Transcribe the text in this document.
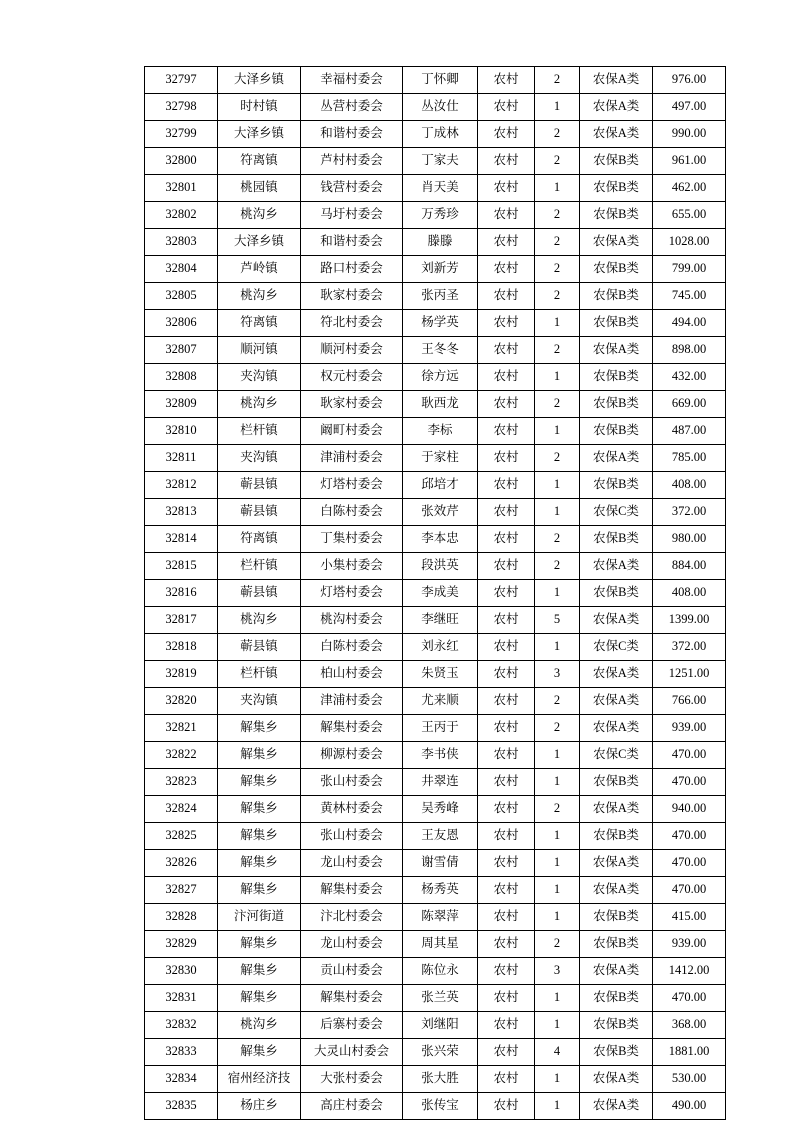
32797	大泽乡镇	幸福村委会	丁怀卿	农村	2	农保A类	976.00
32798	时村镇	丛营村委会	丛汝仕	农村	1	农保A类	497.00
32799	大泽乡镇	和谐村委会	丁成林	农村	2	农保A类	990.00
32800	符离镇	芦村村委会	丁家夫	农村	2	农保B类	961.00
32801	桃园镇	钱营村委会	肖天美	农村	1	农保B类	462.00
32802	桃沟乡	马圩村委会	万秀珍	农村	2	农保B类	655.00
32803	大泽乡镇	和谐村委会	滕滕	农村	2	农保A类	1028.00
32804	芦岭镇	路口村委会	刘新芳	农村	2	农保B类	799.00
32805	桃沟乡	耿家村委会	张丙圣	农村	2	农保B类	745.00
32806	符离镇	符北村委会	杨学英	农村	1	农保B类	494.00
32807	顺河镇	顺河村委会	王冬冬	农村	2	农保A类	898.00
32808	夹沟镇	权元村委会	徐方远	农村	1	农保B类	432.00
32809	桃沟乡	耿家村委会	耿西龙	农村	2	农保B类	669.00
32810	栏杆镇	阚町村委会	李标	农村	1	农保B类	487.00
32811	夹沟镇	津浦村委会	于家柱	农村	2	农保A类	785.00
32812	蕲县镇	灯塔村委会	邱培才	农村	1	农保B类	408.00
32813	蕲县镇	白陈村委会	张效芹	农村	1	农保C类	372.00
32814	符离镇	丁集村委会	李本忠	农村	2	农保B类	980.00
32815	栏杆镇	小集村委会	段洪英	农村	2	农保A类	884.00
32816	蕲县镇	灯塔村委会	李成美	农村	1	农保B类	408.00
32817	桃沟乡	桃沟村委会	李继旺	农村	5	农保A类	1399.00
32818	蕲县镇	白陈村委会	刘永红	农村	1	农保C类	372.00
32819	栏杆镇	柏山村委会	朱贤玉	农村	3	农保A类	1251.00
32820	夹沟镇	津浦村委会	尤来顺	农村	2	农保A类	766.00
32821	解集乡	解集村委会	王丙于	农村	2	农保A类	939.00
32822	解集乡	柳源村委会	李书侠	农村	1	农保C类	470.00
32823	解集乡	张山村委会	井翠连	农村	1	农保B类	470.00
32824	解集乡	黄林村委会	吴秀峰	农村	2	农保A类	940.00
32825	解集乡	张山村委会	王友恩	农村	1	农保B类	470.00
32826	解集乡	龙山村委会	谢雪倩	农村	1	农保A类	470.00
32827	解集乡	解集村委会	杨秀英	农村	1	农保A类	470.00
32828	汴河街道	汴北村委会	陈翠萍	农村	1	农保B类	415.00
32829	解集乡	龙山村委会	周其星	农村	2	农保B类	939.00
32830	解集乡	贡山村委会	陈位永	农村	3	农保A类	1412.00
32831	解集乡	解集村委会	张兰英	农村	1	农保B类	470.00
32832	桃沟乡	后寨村委会	刘继阳	农村	1	农保B类	368.00
32833	解集乡	大灵山村委会	张兴荣	农村	4	农保B类	1881.00
32834	宿州经济技	大张村委会	张大胜	农村	1	农保A类	530.00
32835	杨庄乡	高庄村委会	张传宝	农村	1	农保A类	490.00
